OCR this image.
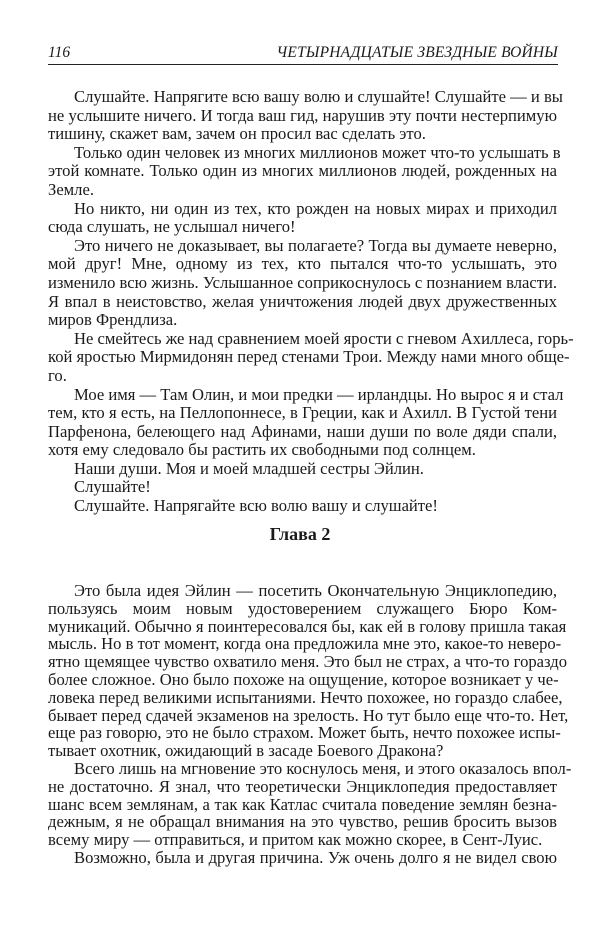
116	ЧЕТЫРНАДЦАТЫЕ ЗВЕЗДНЫЕ ВОЙНЫ
Слушайте. Напрягите всю вашу волю и слушайте! Слушайте — и вы
не услышите ничего. И тогда ваш гид, нарушив эту почти нестерпимую
тишину, скажет вам, зачем он просил вас сделать это.
Только один человек из многих миллионов может что-то услышать в
этой комнате. Только один из многих миллионов людей, рожденных на
Земле.
Но никто, ни один из тех, кто рожден на новых мирах и приходил
сюда слушать, не услышал ничего!
Это ничего не доказывает, вы полагаете? Тогда вы думаете неверно,
мой друг! Мне, одному из тех, кто пытался что-то услышать, это
изменило всю жизнь. Услышанное соприкоснулось с познанием власти.
Я впал в неистовство, желая уничтожения людей двух дружественных
миров Френдлиза.
Не смейтесь же над сравнением моей ярости с гневом Ахиллеса, горь-
кой яростью Мирмидонян перед стенами Трои. Между нами много обще-
го.
Мое имя — Там Олин, и мои предки — ирландцы. Но вырос я и стал
тем, кто я есть, на Пеллопоннесе, в Греции, как и Ахилл. В Густой тени
Парфенона, белеющего над Афинами, наши души по воле дяди спали,
хотя ему следовало бы растить их свободными под солнцем.
Наши души. Моя и моей младшей сестры Эйлин.
Слушайте!
Слушайте. Напрягайте всю волю вашу и слушайте!
Глава 2
Это была идея Эйлин — посетить Окончательную Энциклопедию,
пользуясь моим новым удостоверением служащего Бюро Ком-
муникаций. Обычно я поинтересовался бы, как ей в голову пришла такая
мысль. Но в тот момент, когда она предложила мне это, какое-то неверо-
ятно щемящее чувство охватило меня. Это был не страх, а что-то гораздо
более сложное. Оно было похоже на ощущение, которое возникает у че-
ловека перед великими испытаниями. Нечто похожее, но гораздо слабее,
бывает перед сдачей экзаменов на зрелость. Но тут было еще что-то. Нет,
еще раз говорю, это не было страхом. Может быть, нечто похожее испы-
тывает охотник, ожидающий в засаде Боевого Дракона?
Всего лишь на мгновение это коснулось меня, и этого оказалось впол-
не достаточно. Я знал, что теоретически Энциклопедия предоставляет
шанс всем землянам, а так как Катлас считала поведение землян безна-
дежным, я не обращал внимания на это чувство, решив бросить вызов
всему миру — отправиться, и притом как можно скорее, в Сент-Луис.
Возможно, была и другая причина. Уж очень долго я не видел свою
